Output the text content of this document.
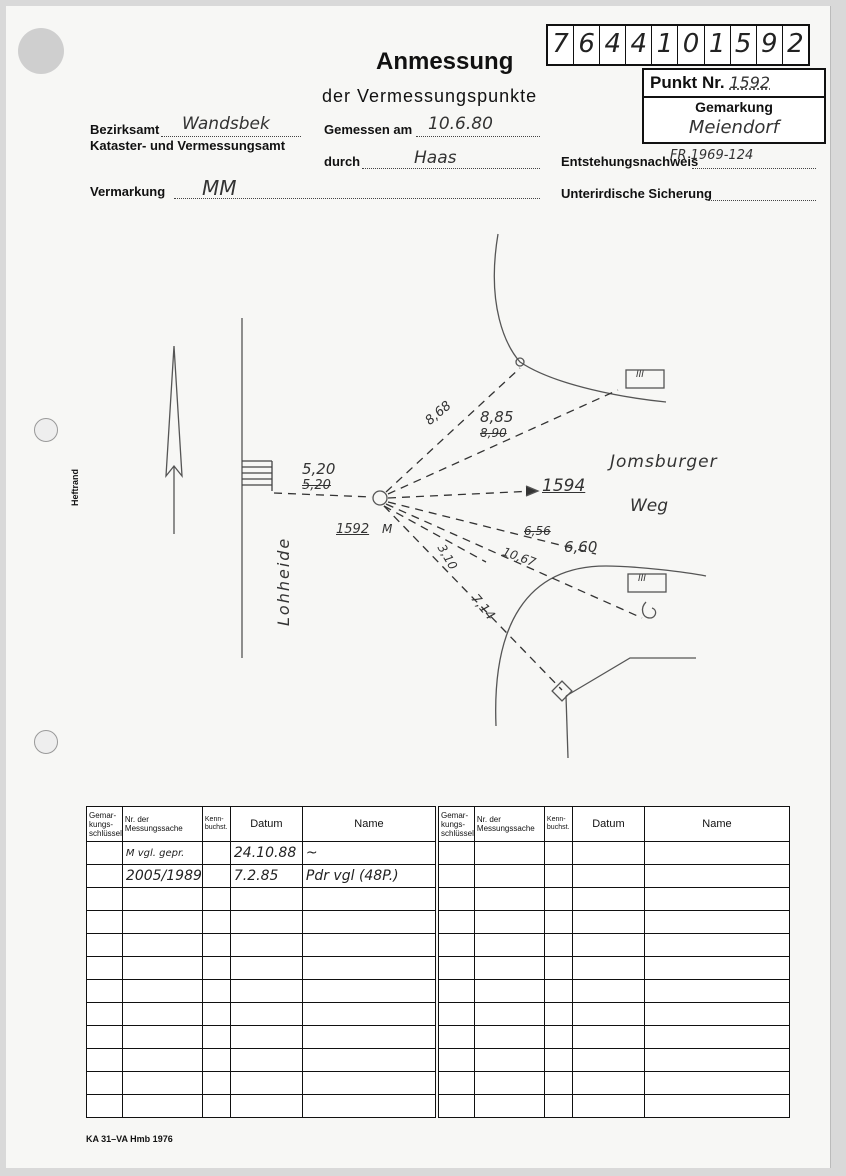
7 6 4 4 1 0 1 5 9 2
Anmessung
der Vermessungspunkte
Punkt Nr. 1592
Gemarkung
Meiendorf
Bezirksamt Wandsbek
Kataster- und Vermessungsamt
Gemessen am 10.6.80
durch	Haas	Entstehungsnachweis
FR 1969-124
Vermarkung MM	Unterirdische Sicherung
Heftrand	5,20
5,20
8,68 8,85
8,90
1594
Jomsburger
Weg
1592 M	6,56
6,60
10,67
3,10
7,14
III
III
Lohheide
Gemar-kungs-schlüssel	Nr. der Messungssache	Kenn-buchst.	Datum	Name
	M vgl. gepr.		24.10.88	~
	2005/1989		7.2.85	Pdr vgl (48P.)

Gemar-kungs-schlüssel	Nr. der Messungssache	Kenn-buchst.	Datum	Name

KA 31–VA Hmb 1976
